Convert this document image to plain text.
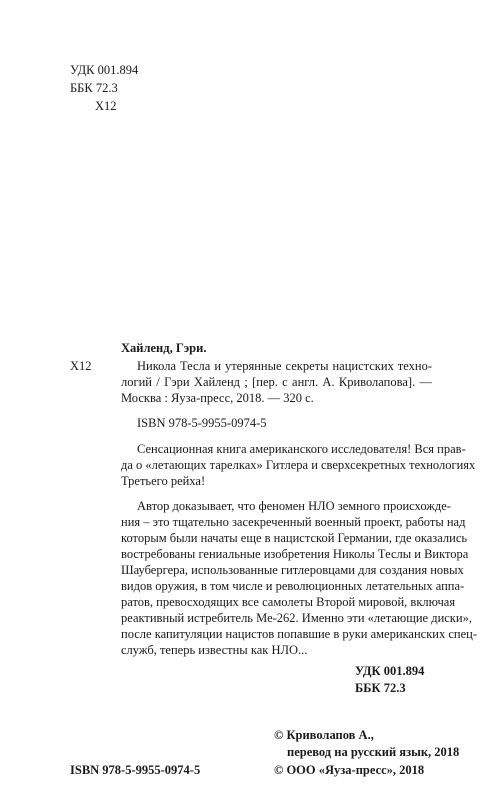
УДК 001.894
ББК 72.3
Х12
Х12
Хайленд, Гэри.
Никола Тесла и утерянные секреты нацистских техно-
логий / Гэри Хайленд ; [пер. с англ. А. Криволапова]. —
Москва : Яуза-пресс, 2018. — 320 с.
ISBN 978-5-9955-0974-5
Сенсационная книга американского исследователя! Вся прав-
да о «летающих тарелках» Гитлера и сверхсекретных технологиях
Третьего рейха!
Автор доказывает, что феномен НЛО земного происхожде-
ния – это тщательно засекреченный военный проект, работы над
которым были начаты еще в нацистской Германии, где оказались
востребованы гениальные изобретения Николы Теслы и Виктора
Шаубергера, использованные гитлеровцами для создания новых
видов оружия, в том числе и революционных летательных аппа-
ратов, превосходящих все самолеты Второй мировой, включая
реактивный истребитель Ме-262. Именно эти «летающие диски»,
после капитуляции нацистов попавшие в руки американских спец-
служб, теперь известны как НЛО...
УДК 001.894
ББК 72.3
© Криволапов А.,
перевод на русский язык, 2018
© ООО «Яуза-пресс», 2018
ISBN 978-5-9955-0974-5
